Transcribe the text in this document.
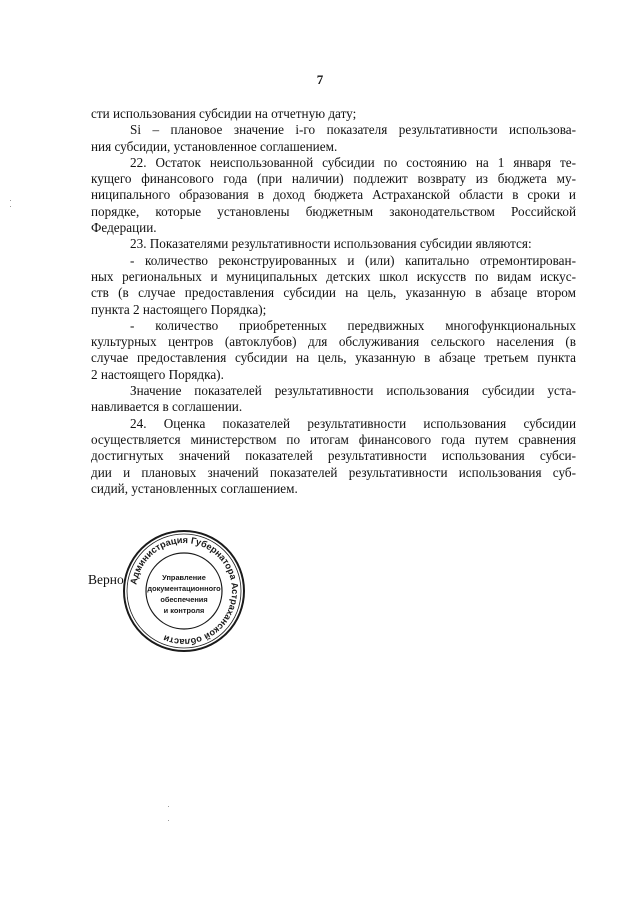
7
сти использования субсидии на отчетную дату;
Si – плановое значение i-го показателя результативности использова-
ния субсидии, установленное соглашением.
22. Остаток неиспользованной субсидии по состоянию на 1 января те-
кущего финансового года (при наличии) подлежит возврату из бюджета му-
ниципального образования в доход бюджета Астраханской области в сроки и
порядке, которые установлены бюджетным законодательством Российской
Федерации.
23. Показателями результативности использования субсидии являются:
- количество реконструированных и (или) капитально отремонтирован-
ных региональных и муниципальных детских школ искусств по видам искус-
ств (в случае предоставления субсидии на цель, указанную в абзаце втором
пункта 2 настоящего Порядка);
- количество приобретенных передвижных многофункциональных
культурных центров (автоклубов) для обслуживания сельского населения (в
случае предоставления субсидии на цель, указанную в абзаце третьем пункта
2 настоящего Порядка).
Значение показателей результативности использования субсидии уста-
навливается в соглашении.
24. Оценка показателей результативности использования субсидии
осуществляется министерством по итогам финансового года путем сравнения
достигнутых значений показателей результативности использования субси-
дии и плановых значений показателей результативности использования суб-
сидий, установленных соглашением.
Верно Администрация Губернатора Астраханской области
Управление
документационного
обеспечения
и контроля
